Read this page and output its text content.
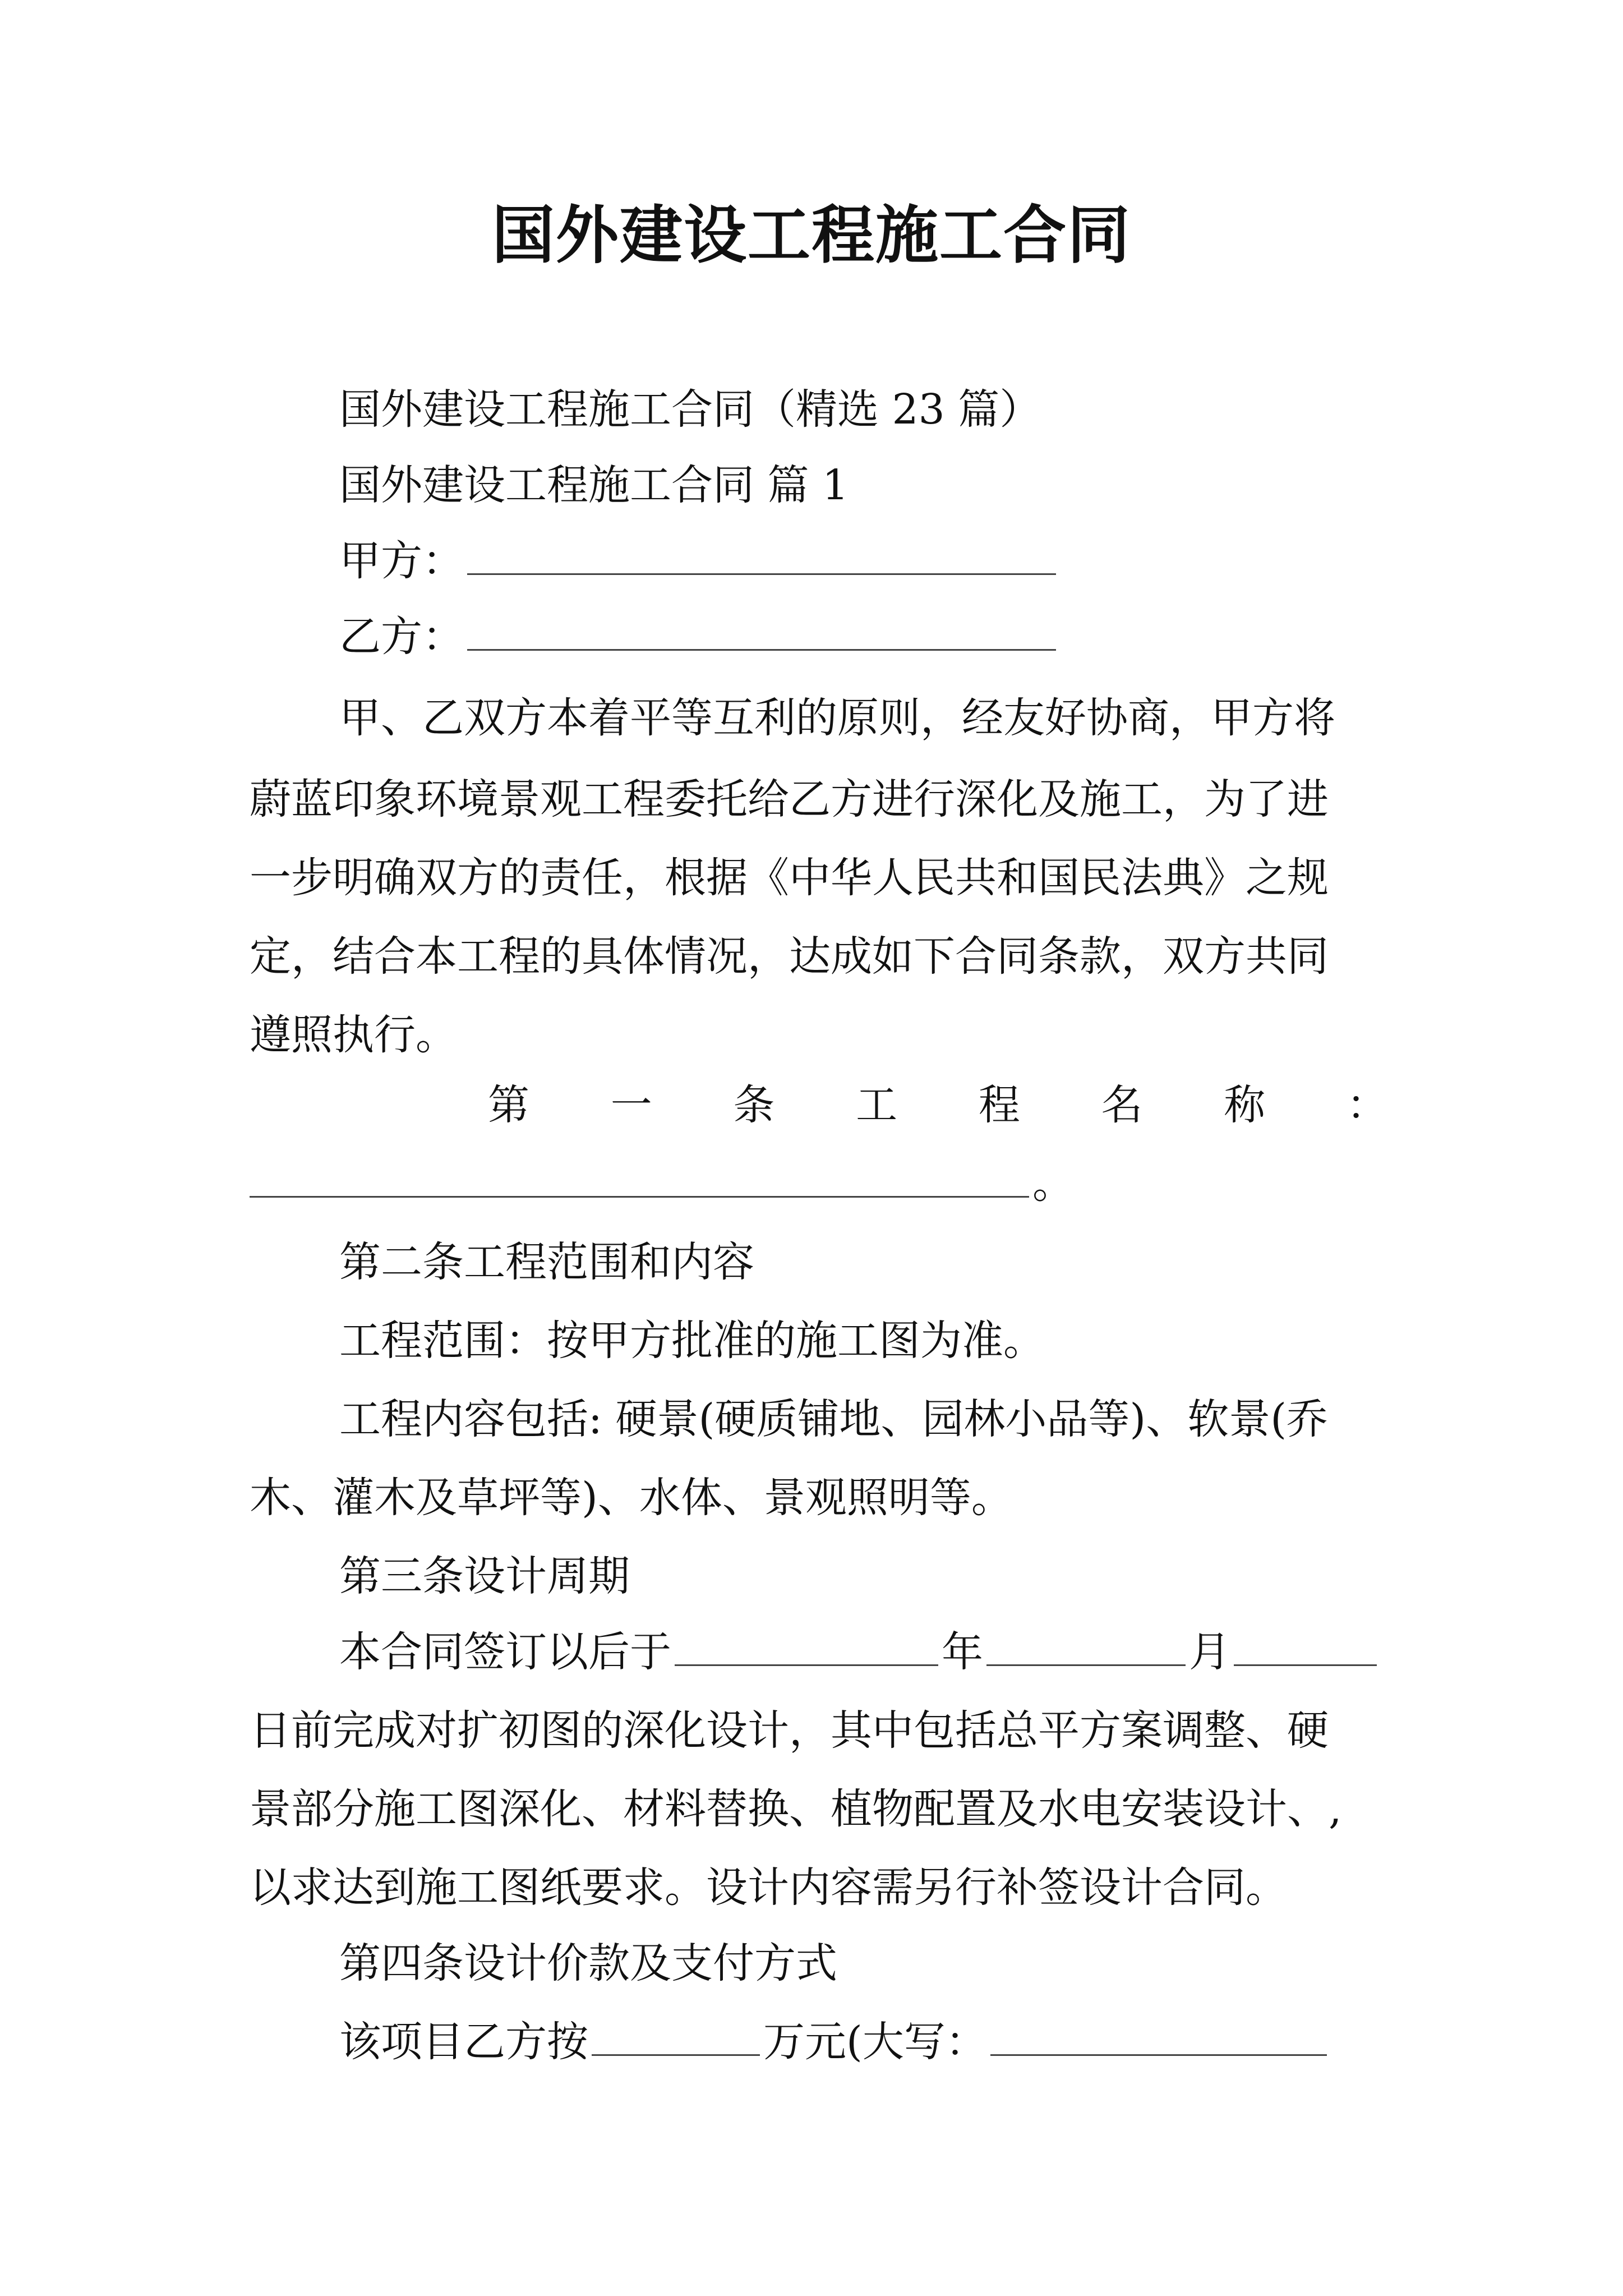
国外建设工程施工合同
国外建设工程施工合同（精选 23 篇）
国外建设工程施工合同 篇 1
甲方：
乙方：
甲、乙双方本着平等互利的原则，经友好协商，甲方将
蔚蓝印象环境景观工程委托给乙方进行深化及施工，为了进
一步明确双方的责任，根据《中华人民共和国民法典》之规
定，结合本工程的具体情况，达成如下合同条款，双方共同
遵照执行。
第 一 条 工 程 名 称 ：
。
第二条工程范围和内容
工程范围：按甲方批准的施工图为准。
工程内容包括: 硬景(硬质铺地、园林小品等)、软景(乔
木、灌木及草坪等)、水体、景观照明等。
第三条设计周期
本合同签订以后于	年	月
日前完成对扩初图的深化设计，其中包括总平方案调整、硬
景部分施工图深化、材料替换、植物配置及水电安装设计、,
以求达到施工图纸要求。设计内容需另行补签设计合同。
第四条设计价款及支付方式
该项目乙方按	万元(大写：
